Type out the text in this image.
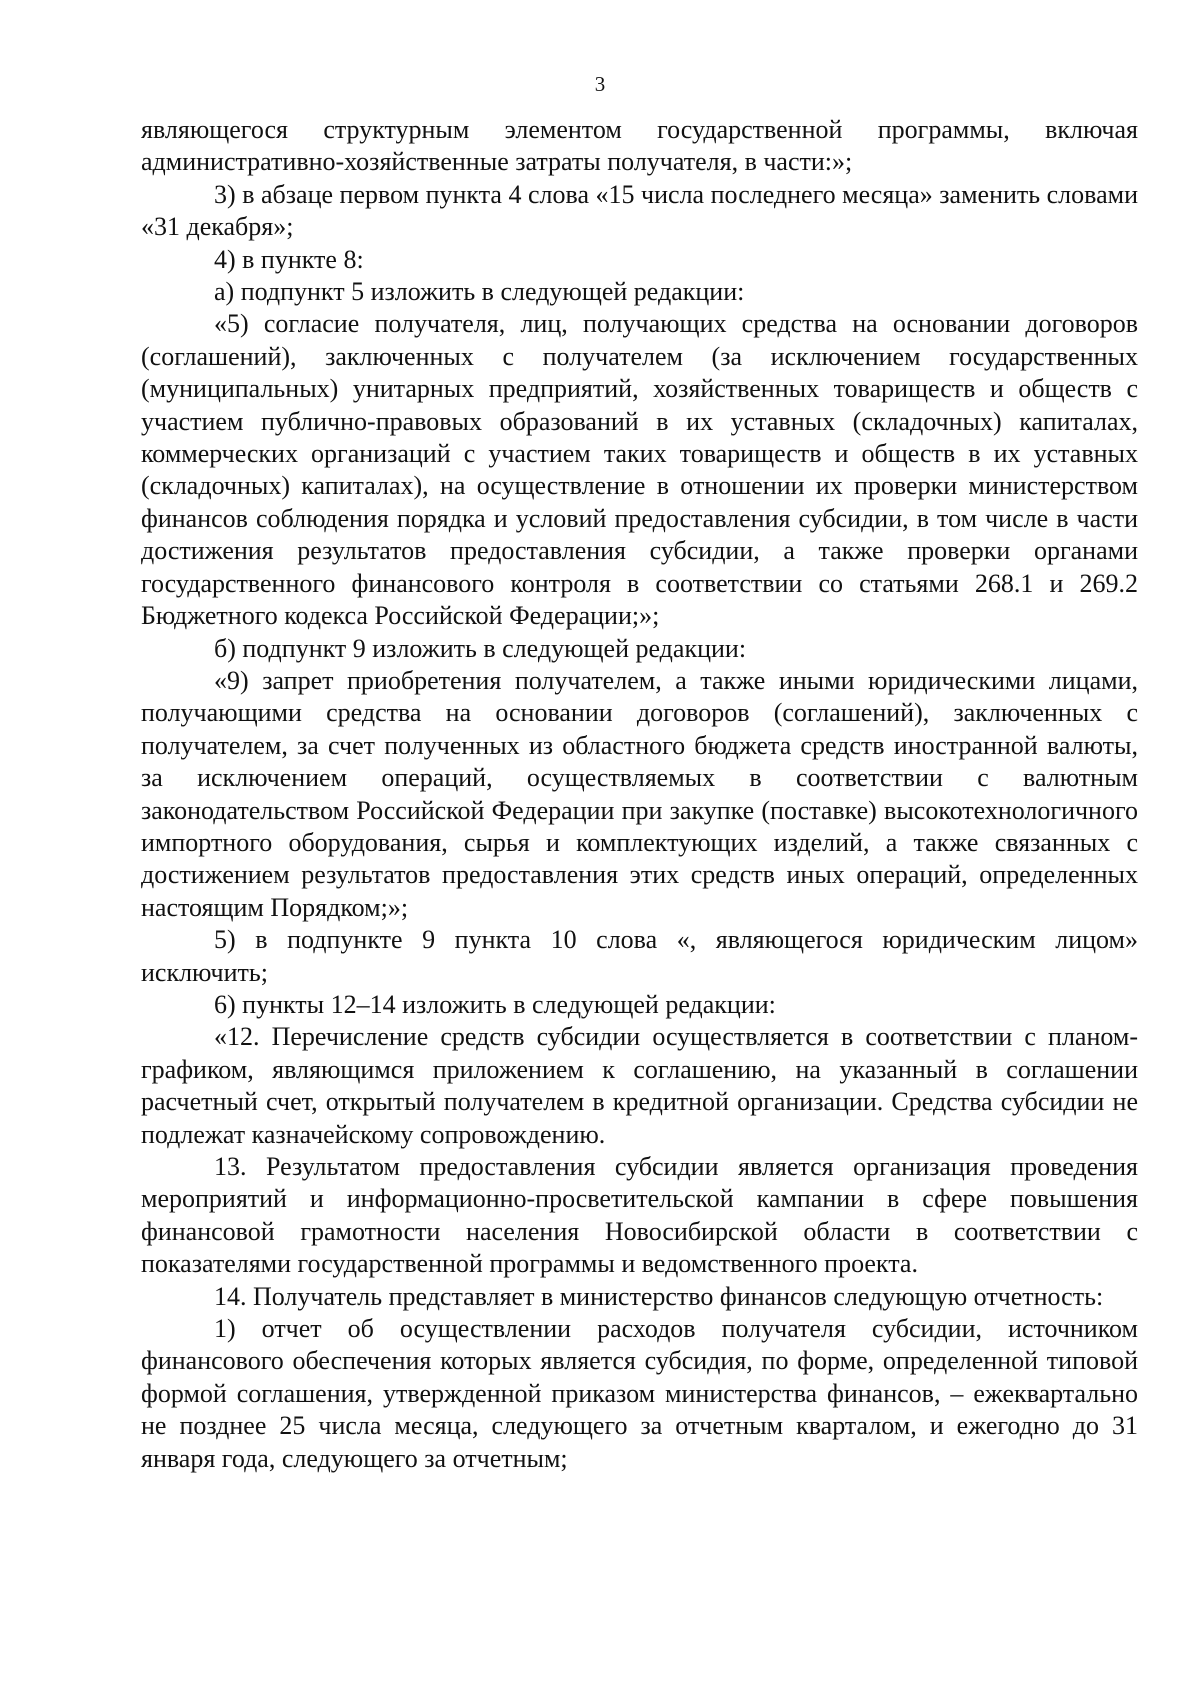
3

являющегося структурным элементом государственной программы, включая административно-хозяйственные затраты получателя, в части:»;

3) в абзаце первом пункта 4 слова «15 числа последнего месяца» заменить словами «31 декабря»;

4) в пункте 8:

а) подпункт 5 изложить в следующей редакции:

«5) согласие получателя, лиц, получающих средства на основании договоров (соглашений), заключенных с получателем (за исключением государственных (муниципальных) унитарных предприятий, хозяйственных товариществ и обществ с участием публично-правовых образований в их уставных (складочных) капиталах, коммерческих организаций с участием таких товариществ и обществ в их уставных (складочных) капиталах), на осуществление в отношении их проверки министерством финансов соблюдения порядка и условий предоставления субсидии, в том числе в части достижения результатов предоставления субсидии, а также проверки органами государственного финансового контроля в соответствии со статьями 268.1 и 269.2 Бюджетного кодекса Российской Федерации;»;

б) подпункт 9 изложить в следующей редакции:

«9) запрет приобретения получателем, а также иными юридическими лицами, получающими средства на основании договоров (соглашений), заключенных с получателем, за счет полученных из областного бюджета средств иностранной валюты, за исключением операций, осуществляемых в соответствии с валютным законодательством Российской Федерации при закупке (поставке) высокотехнологичного импортного оборудования, сырья и комплектующих изделий, а также связанных с достижением результатов предоставления этих средств иных операций, определенных настоящим Порядком;»;

5) в подпункте 9 пункта 10 слова «, являющегося юридическим лицом» исключить;

6) пункты 12–14 изложить в следующей редакции:

«12. Перечисление средств субсидии осуществляется в соответствии с планом-графиком, являющимся приложением к соглашению, на указанный в соглашении расчетный счет, открытый получателем в кредитной организации. Средства субсидии не подлежат казначейскому сопровождению.

13. Результатом предоставления субсидии является организация проведения мероприятий и информационно-просветительской кампании в сфере повышения финансовой грамотности населения Новосибирской области в соответствии с показателями государственной программы и ведомственного проекта.

14. Получатель представляет в министерство финансов следующую отчетность:

1) отчет об осуществлении расходов получателя субсидии, источником финансового обеспечения которых является субсидия, по форме, определенной типовой формой соглашения, утвержденной приказом министерства финансов, – ежеквартально не позднее 25 числа месяца, следующего за отчетным кварталом, и ежегодно до 31 января года, следующего за отчетным;
